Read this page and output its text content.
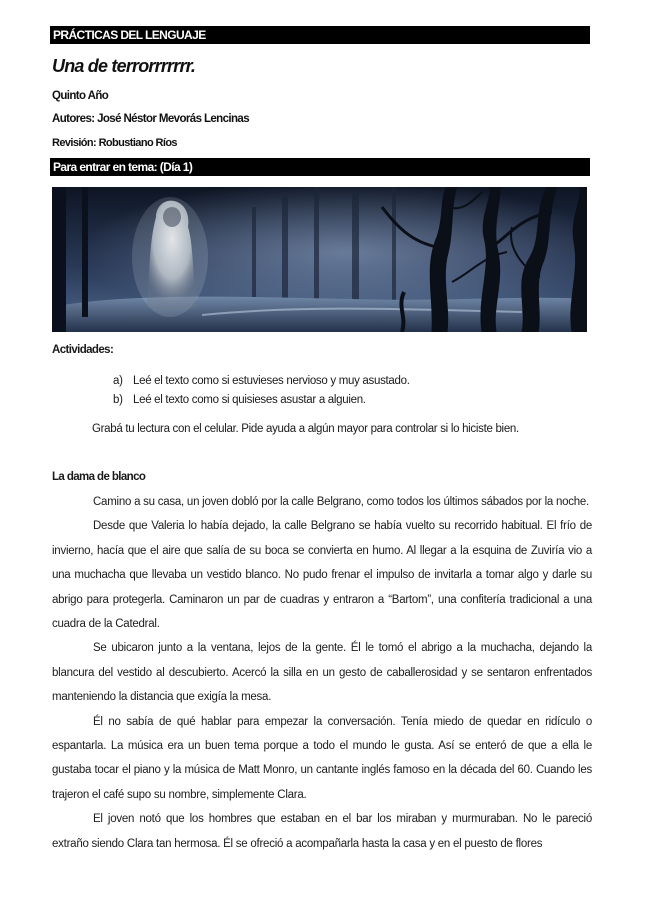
PRÁCTICAS DEL LENGUAJE
Una de terrorrrrrrr.
Quinto Año
Autores: José Néstor Mevorás Lencinas
Revisión: Robustiano Ríos
Para entrar en tema: (Día 1)
Actividades:
a) Leé el texto como si estuvieses nervioso y muy asustado.
b) Leé el texto como si quisieses asustar a alguien.
Grabá tu lectura con el celular. Pide ayuda a algún mayor para controlar si lo hiciste bien.
La dama de blanco

Camino a su casa, un joven dobló por la calle Belgrano, como todos los últimos sábados por la noche.

Desde que Valeria lo había dejado, la calle Belgrano se había vuelto su recorrido habitual. El frío de invierno, hacía que el aire que salía de su boca se convierta en humo. Al llegar a la esquina de Zuviría vio a una muchacha que llevaba un vestido blanco. No pudo frenar el impulso de invitarla a tomar algo y darle su abrigo para protegerla. Caminaron un par de cuadras y entraron a “Bartom”, una confitería tradicional a una cuadra de la Catedral.

Se ubicaron junto a la ventana, lejos de la gente. Él le tomó el abrigo a la muchacha, dejando la blancura del vestido al descubierto. Acercó la silla en un gesto de caballerosidad y se sentaron enfrentados manteniendo la distancia que exigía la mesa.

Él no sabía de qué hablar para empezar la conversación. Tenía miedo de quedar en ridículo o espantarla. La música era un buen tema porque a todo el mundo le gusta. Así se enteró de que a ella le gustaba tocar el piano y la música de Matt Monro, un cantante inglés famoso en la década del 60. Cuando les trajeron el café supo su nombre, simplemente Clara.

El joven notó que los hombres que estaban en el bar los miraban y murmuraban. No le pareció extraño siendo Clara tan hermosa. Él se ofreció a acompañarla hasta la casa y en el puesto de flores
